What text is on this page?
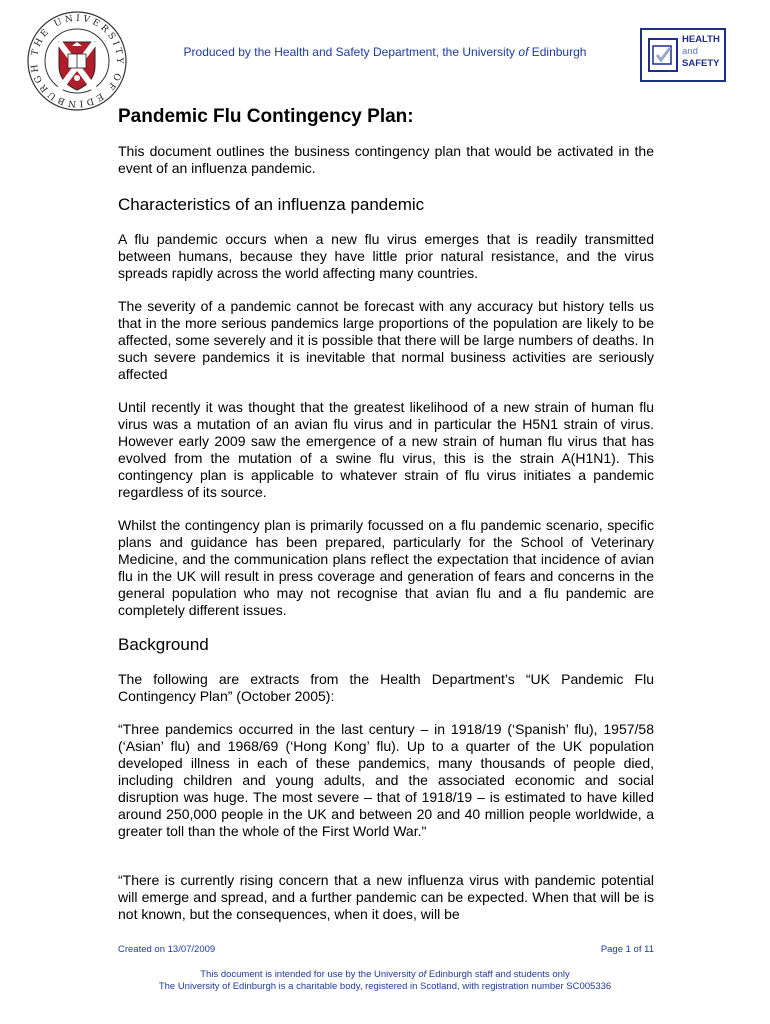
THE UNIVERSITY OF EDINBURGH
Produced by the Health and Safety Department, the University of Edinburgh
HEALTH
and
SAFETY
Pandemic Flu Contingency Plan:
This document outlines the business contingency plan that would be activated in the event of an influenza pandemic.
Characteristics of an influenza pandemic
A flu pandemic occurs when a new flu virus emerges that is readily transmitted between humans, because they have little prior natural resistance, and the virus spreads rapidly across the world affecting many countries.
The severity of a pandemic cannot be forecast with any accuracy but history tells us that in the more serious pandemics large proportions of the population are likely to be affected, some severely and it is possible that there will be large numbers of deaths. In such severe pandemics it is inevitable that normal business activities are seriously affected
Until recently it was thought that the greatest likelihood of a new strain of human flu virus was a mutation of an avian flu virus and in particular the H5N1 strain of virus. However early 2009 saw the emergence of a new strain of human flu virus that has evolved from the mutation of a swine flu virus, this is the strain A(H1N1). This contingency plan is applicable to whatever strain of flu virus initiates a pandemic regardless of its source.
Whilst the contingency plan is primarily focussed on a flu pandemic scenario, specific plans and guidance has been prepared, particularly for the School of Veterinary Medicine, and the communication plans reflect the expectation that incidence of avian flu in the UK will result in press coverage and generation of fears and concerns in the general population who may not recognise that avian flu and a flu pandemic are completely different issues.
Background
The following are extracts from the Health Department’s “UK Pandemic Flu Contingency Plan” (October 2005):
“Three pandemics occurred in the last century – in 1918/19 (‘Spanish’ flu), 1957/58 (‘Asian’ flu) and 1968/69 (‘Hong Kong’ flu). Up to a quarter of the UK population developed illness in each of these pandemics, many thousands of people died, including children and young adults, and the associated economic and social disruption was huge. The most severe – that of 1918/19 – is estimated to have killed around 250,000 people in the UK and between 20 and 40 million people worldwide, a greater toll than the whole of the First World War."
“There is currently rising concern that a new influenza virus with pandemic potential will emerge and spread, and a further pandemic can be expected. When that will be is not known, but the consequences, when it does, will be
Created on 13/07/2009	Page 1 of 11
This document is intended for use by the University of Edinburgh staff and students only
The University of Edinburgh is a charitable body, registered in Scotland, with registration number SC005336
